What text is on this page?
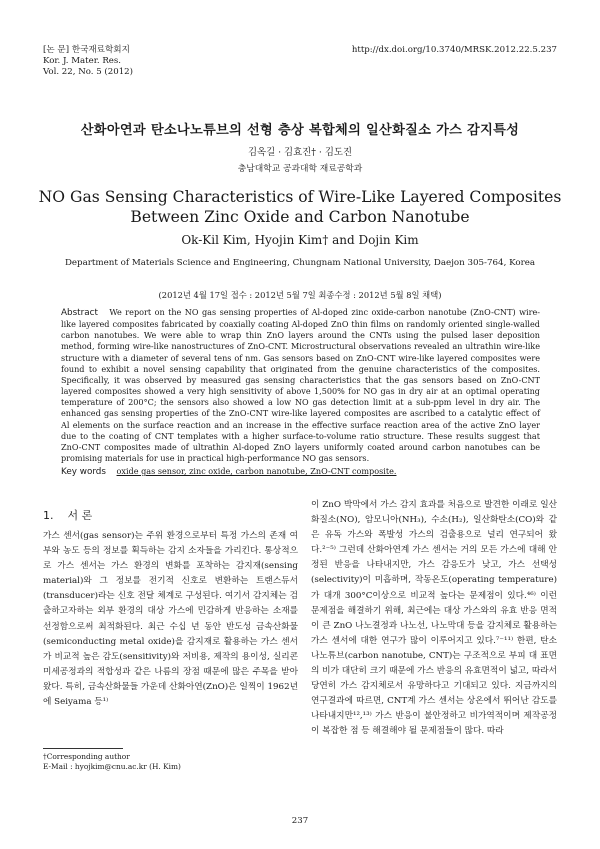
[논 문] 한국재료학회지
Kor. J. Mater. Res.
Vol. 22, No. 5 (2012)
http://dx.doi.org/10.3740/MRSK.2012.22.5.237
산화아연과 탄소나노튜브의 선형 층상 복합체의 일산화질소 가스 감지특성
김옥길 · 김효진† · 김도진
충남대학교 공과대학 재료공학과
NO Gas Sensing Characteristics of Wire-Like Layered Composites
Between Zinc Oxide and Carbon Nanotube
Ok-Kil Kim, Hyojin Kim† and Dojin Kim
Department of Materials Science and Engineering, Chungnam National University, Daejon 305-764, Korea
(2012년 4월 17일 접수 : 2012년 5월 7일 최종수정 : 2012년 5월 8일 채택)
Abstract We report on the NO gas sensing properties of Al-doped zinc oxide-carbon nanotube (ZnO-CNT) wire-like layered composites fabricated by coaxially coating Al-doped ZnO thin films on randomly oriented single-walled carbon nanotubes. We were able to wrap thin ZnO layers around the CNTs using the pulsed laser deposition method, forming wire-like nanostructures of ZnO-CNT. Microstructural observations revealed an ultrathin wire-like structure with a diameter of several tens of nm. Gas sensors based on ZnO-CNT wire-like layered composites were found to exhibit a novel sensing capability that originated from the genuine characteristics of the composites. Specifically, it was observed by measured gas sensing characteristics that the gas sensors based on ZnO-CNT layered composites showed a very high sensitivity of above 1,500% for NO gas in dry air at an optimal operating temperature of 200°C; the sensors also showed a low NO gas detection limit at a sub-ppm level in dry air. The enhanced gas sensing properties of the ZnO-CNT wire-like layered composites are ascribed to a catalytic effect of Al elements on the surface reaction and an increase in the effective surface reaction area of the active ZnO layer due to the coating of CNT templates with a higher surface-to-volume ratio structure. These results suggest that ZnO-CNT composites made of ultrathin Al-doped ZnO layers uniformly coated around carbon nanotubes can be promising materials for use in practical high-performance NO gas sensors.
Key words oxide gas sensor, zinc oxide, carbon nanotube, ZnO-CNT composite.
1. 서 론
가스 센서(gas sensor)는 주위 환경으로부터 특정 가스의 존재 여부와 농도 등의 정보를 획득하는 감지 소자들을 가리킨다. 통상적으로 가스 센서는 가스 환경의 변화를 포착하는 감지재(sensing material)와 그 정보를 전기적 신호로 변환하는 트랜스듀서(transducer)라는 신호 전달 체계로 구성된다. 여기서 감지체는 검출하고자하는 외부 환경의 대상 가스에 민감하게 반응하는 소재를 선정함으로써 최적화된다. 최근 수십 년 동안 반도성 금속산화물(semiconducting metal oxide)을 감지재로 활용하는 가스 센서가 비교적 높은 감도(sensitivity)와 저비용, 제작의 용이성, 실리콘 미세공정과의 적합성과 같은 나름의 장점 때문에 많은 주목을 받아왔다. 특히, 금속산화물들 가운데 산화아연(ZnO)은 일찍이 1962년에 Seiyama 등¹⁾
이 ZnO 박막에서 가스 감지 효과를 처음으로 발견한 이래로 일산화질소(NO), 암모니아(NH₃), 수소(H₂), 일산화탄소(CO)와 같은 유독 가스와 폭발성 가스의 검출용으로 널리 연구되어 왔다.²⁻⁵⁾ 그런데 산화아연계 가스 센서는 거의 모든 가스에 대해 안정된 반응을 나타내지만, 가스 감응도가 낮고, 가스 선택성(selectivity)이 미흡하며, 작동온도(operating temperature)가 대개 300°C이상으로 비교적 높다는 문제점이 있다.⁴⁶⁾ 이런 문제점을 해결하기 위해, 최근에는 대상 가스와의 유효 반응 면적이 큰 ZnO 나노결정과 나노선, 나노막대 등을 감지체로 활용하는 가스 센서에 대한 연구가 많이 이루어지고 있다.⁷⁻¹¹⁾ 한편, 탄소나노튜브(carbon nanotube, CNT)는 구조적으로 부피 대 표면의 비가 대단히 크기 때문에 가스 반응의 유효면적이 넓고, 따라서 당연히 가스 감지체로서 유망하다고 기대되고 있다. 지금까지의 연구결과에 따르면, CNT계 가스 센서는 상온에서 뛰어난 감도를 나타내지만¹²,¹³⁾ 가스 반응이 불안정하고 비가역적이며 제작공정이 복잡한 점 등 해결해야 될 문제점들이 많다. 따라
†Corresponding author
E-Mail : hyojkim@cnu.ac.kr (H. Kim)
237
